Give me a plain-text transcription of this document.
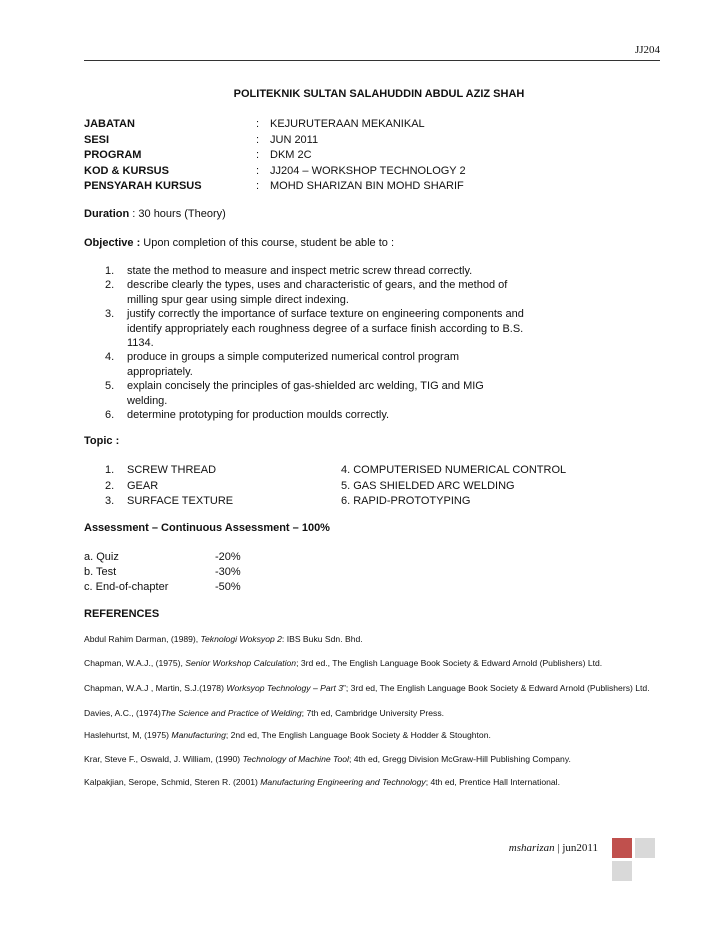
JJ204
POLITEKNIK SULTAN SALAHUDDIN ABDUL AZIZ SHAH
JABATAN	: KEJURUTERAAN MEKANIKAL
SESI	: JUN 2011
PROGRAM	: DKM 2C
KOD & KURSUS	: JJ204 – WORKSHOP TECHNOLOGY 2
PENSYARAH KURSUS	: MOHD SHARIZAN BIN MOHD SHARIF
Duration : 30 hours (Theory)
Objective : Upon completion of this course, student be able to :
1.	state the method to measure and inspect metric screw thread correctly.
2.	describe clearly the types, uses and characteristic of gears, and the method of milling spur gear using simple direct indexing.
3.	justify correctly the importance of surface texture on engineering components and identify appropriately each roughness degree of a surface finish according to B.S. 1134.
4.	produce in groups a simple computerized numerical control program appropriately.
5.	explain concisely the principles of gas-shielded arc welding, TIG and MIG welding.
6.	determine prototyping for production moulds correctly.
Topic :
1.	SCREW THREAD	4. COMPUTERISED NUMERICAL CONTROL
2.	GEAR	5. GAS SHIELDED ARC WELDING
3.	SURFACE TEXTURE	6. RAPID-PROTOTYPING
Assessment – Continuous Assessment – 100%
a. Quiz	-20%
b. Test	-30%
c. End-of-chapter	-50%
REFERENCES
Abdul Rahim Darman, (1989), Teknologi Woksyop 2: IBS Buku Sdn. Bhd.
Chapman, W.A.J., (1975), Senior Workshop Calculation; 3rd ed., The English Language Book Society & Edward Arnold (Publishers) Ltd.
Chapman, W.A.J , Martin, S.J.(1978) Worksyop Technology – Part 3”; 3rd ed, The English Language Book Society & Edward Arnold (Publishers) Ltd.
Davies, A.C., (1974)The Science and Practice of Welding; 7th ed, Cambridge University Press.
Haslehurtst, M, (1975) Manufacturing; 2nd ed, The English Language Book Society & Hodder & Stoughton.
Krar, Steve F., Oswald, J. William, (1990) Technology of Machine Tool; 4th ed, Gregg Division McGraw-Hill Publishing Company.
Kalpakjian, Serope, Schmid, Steren R. (2001) Manufacturing Engineering and Technology; 4th ed, Prentice Hall International.
msharizan | jun2011
